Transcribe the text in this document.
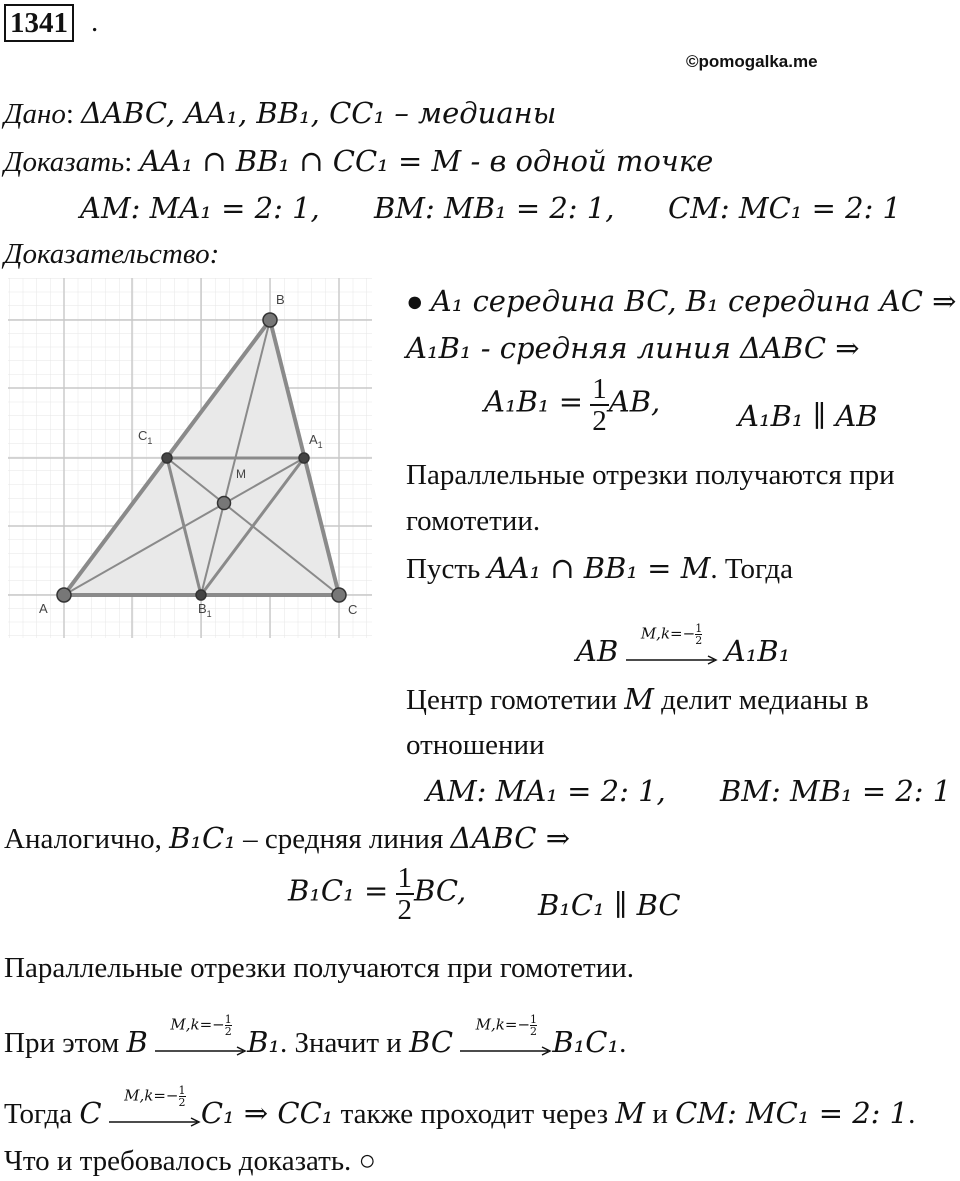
1341 .
©pomogalka.me
Дано: ΔABC, AA₁, BB₁, CC₁ – медианы
Доказать: AA₁ ∩ BB₁ ∩ CC₁ = M - в одной точке
AM: MA₁ = 2: 1, BM: MB₁ = 2: 1, CM: MC₁ = 2: 1
Доказательство:
A
B
C
M
$C_1$	$A_1$
$B_1$
● A₁ середина BC, B₁ середина AC ⇒
A₁B₁ - средняя линия ΔABC ⇒
$A_1B_1 = \frac{1}{2}$ AB,	A₁B₁ ∥ AB
Параллельные отрезки получаются при
гомотетии.
Пусть AA₁ ∩ BB₁ = M. Тогда
AB
$M,k=- \frac{1}{2} A_1B_1$
Центр гомотетии M делит медианы в
отношении
AM: MA₁ = 2: 1, BM: MB₁ = 2: 1
Аналогично, B₁C₁ – средняя линия ΔABC ⇒
$B_1C_1 = \frac{1}{2}$ BC, B₁C₁ ∥ BC
Параллельные отрезки получаются при гомотетии.
При этом B
$M,k=- \frac{1}{2} B_1$. Значит и BC
$M,k=- \frac{1}{2} B_1C_1$.
Тогда C
$M,k=- \frac{1}{2} C_1$ ⇒ CC₁ также проходит через M и CM: MC₁ = 2: 1.
Что и требовалось доказать. ○
